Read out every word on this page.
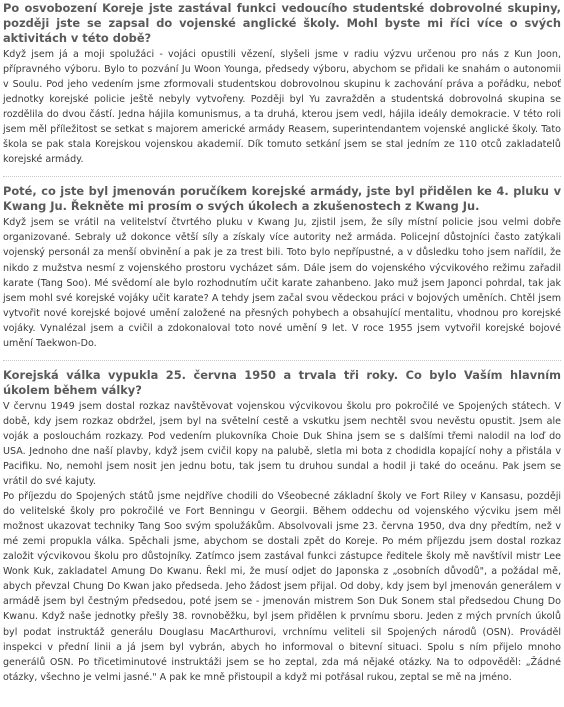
Po osvobození Koreje jste zastával funkci vedoucího studentské dobrovolné skupiny, později jste se zapsal do vojenské anglické školy. Mohl byste mi říci více o svých aktivitách v této době?

Když jsem já a moji spolužáci - vojáci opustili vězení, slyšeli jsme v radiu výzvu určenou pro nás z Kun Joon, přípravného výboru. Bylo to pozvání Ju Woon Younga, předsedy výboru, abychom se přidali ke snahám o autonomii v Soulu. Pod jeho vedením jsme zformovali studentskou dobrovolnou skupinu k zachování práva a pořádku, neboť jednotky korejské policie ještě nebyly vytvořeny. Později byl Yu zavražděn a studentská dobrovolná skupina se rozdělila do dvou částí. Jedna hájila komunismus, a ta druhá, kterou jsem vedl, hájila ideály demokracie. V této roli jsem měl příležitost se setkat s majorem americké armády Reasem, superintendantem vojenské anglické školy. Tato škola se pak stala Korejskou vojenskou akademií. Dík tomuto setkání jsem se stal jedním ze 110 otců zakladatelů korejské armády.

Poté, co jste byl jmenován poručíkem korejské armády, jste byl přidělen ke 4. pluku v Kwang Ju. Řekněte mi prosím o svých úkolech a zkušenostech z Kwang Ju.

Když jsem se vrátil na velitelství čtvrtého pluku v Kwang Ju, zjistil jsem, že síly místní policie jsou velmi dobře organizované. Sebraly už dokonce větší síly a získaly více autority než armáda. Policejní důstojníci často zatýkali vojenský personál za menší obvinění a pak je za trest bili. Toto bylo nepřípustné, a v důsledku toho jsem nařídil, že nikdo z mužstva nesmí z vojenského prostoru vycházet sám. Dále jsem do vojenského výcvikového režimu zařadil karate (Tang Soo). Mé svědomí ale bylo rozhodnutím učit karate zahanbeno. Jako muž jsem Japonci pohrdal, tak jak jsem mohl své korejské vojáky učit karate? A tehdy jsem začal svou vědeckou práci v bojových uměních. Chtěl jsem vytvořit nové korejské bojové umění založené na přesných pohybech a obsahující mentalitu, vhodnou pro korejské vojáky. Vynalézal jsem a cvičil a zdokonaloval toto nové umění 9 let. V roce 1955 jsem vytvořil korejské bojové umění Taekwon-Do.

Korejská válka vypukla 25. června 1950 a trvala tři roky. Co bylo Vaším hlavním úkolem během války?

V červnu 1949 jsem dostal rozkaz navštěvovat vojenskou výcvikovou školu pro pokročilé ve Spojených státech. V době, kdy jsem rozkaz obdržel, jsem byl na světelní cestě a vskutku jsem nechtěl svou nevěstu opustit. Jsem ale voják a poslouchám rozkazy. Pod vedením plukovníka Choie Duk Shina jsem se s dalšími třemi nalodil na loď do USA. Jednoho dne naší plavby, když jsem cvičil kopy na palubě, sletla mi bota z chodidla kopající nohy a přistála v Pacifiku. No, nemohl jsem nosit jen jednu botu, tak jsem tu druhou sundal a hodil ji také do oceánu. Pak jsem se vrátil do své kajuty.

Po příjezdu do Spojených států jsme nejdříve chodili do Všeobecné základní školy ve Fort Riley v Kansasu, později do velitelské školy pro pokročilé ve Fort Benningu v Georgii. Během oddechu od vojenského výcviku jsem měl možnost ukazovat techniky Tang Soo svým spolužákům. Absolvovali jsme 23. června 1950, dva dny předtím, než v mé zemi propukla válka. Spěchali jsme, abychom se dostali zpět do Koreje. Po mém příjezdu jsem dostal rozkaz založit výcvikovou školu pro důstojníky. Zatímco jsem zastával funkci zástupce ředitele školy mě navštívil mistr Lee Wonk Kuk, zakladatel Amung Do Kwanu. Řekl mi, že musí odjet do Japonska z „osobních důvodů", a požádal mě, abych převzal Chung Do Kwan jako předseda. Jeho žádost jsem přijal. Od doby, kdy jsem byl jmenován generálem v armádě jsem byl čestným předsedou, poté jsem se - jmenován mistrem Son Duk Sonem stal předsedou Chung Do Kwanu. Když naše jednotky přešly 38. rovnoběžku, byl jsem přidělen k prvnímu sboru. Jeden z mých prvních úkolů byl podat instruktáž generálu Douglasu MacArthurovi, vrchnímu veliteli sil Spojených národů (OSN). Prováděl inspekci v přední linii a já jsem byl vybrán, abych ho informoval o bitevní situaci. Spolu s ním přijelo mnoho generálů OSN. Po třicetiminutové instruktáži jsem se ho zeptal, zda má nějaké otázky. Na to odpověděl: „Žádné otázky, všechno je velmi jasné." A pak ke mně přistoupil a když mi potřásal rukou, zeptal se mě na jméno.
